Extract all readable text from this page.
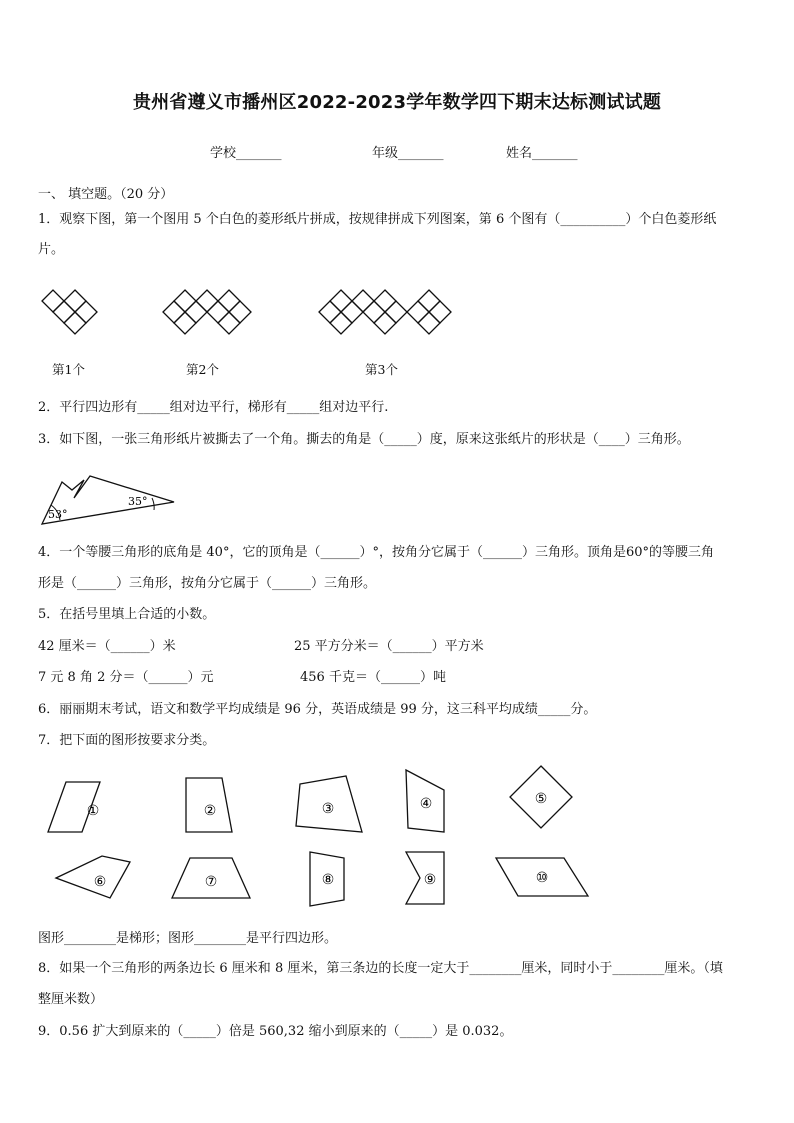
贵州省遵义市播州区2022-2023学年数学四下期末达标测试试题
学校_______	年级_______	姓名_______
一、 填空题。（20 分）
1．观察下图，第一个图用 5 个白色的菱形纸片拼成，按规律拼成下列图案，第 6 个图有（__________）个白色菱形纸
片。
第1个	第2个	第3个
2．平行四边形有_____组对边平行，梯形有_____组对边平行.
3．如下图，一张三角形纸片被撕去了一个角。撕去的角是（_____）度，原来这张纸片的形状是（____）三角形。
53°
35°
4．一个等腰三角形的底角是 40°，它的顶角是（______）°，按角分它属于（______）三角形。顶角是60°的等腰三角
形是（______）三角形，按角分它属于（______）三角形。
5．在括号里填上合适的小数。
42 厘米＝（______）米	25 平方分米＝（______）平方米
7 元 8 角 2 分＝（______）元	456 千克＝（______）吨
6．丽丽期末考试，语文和数学平均成绩是 96 分，英语成绩是 99 分，这三科平均成绩_____分。
7．把下面的图形按要求分类。
①	②	③	④	⑤
⑥	⑦	⑧	⑨	⑩
图形________是梯形；图形________是平行四边形。
8．如果一个三角形的两条边长 6 厘米和 8 厘米，第三条边的长度一定大于________厘米，同时小于________厘米。（填
整厘米数）
9．0.56 扩大到原来的（_____）倍是 560,32 缩小到原来的（_____）是 0.032。
